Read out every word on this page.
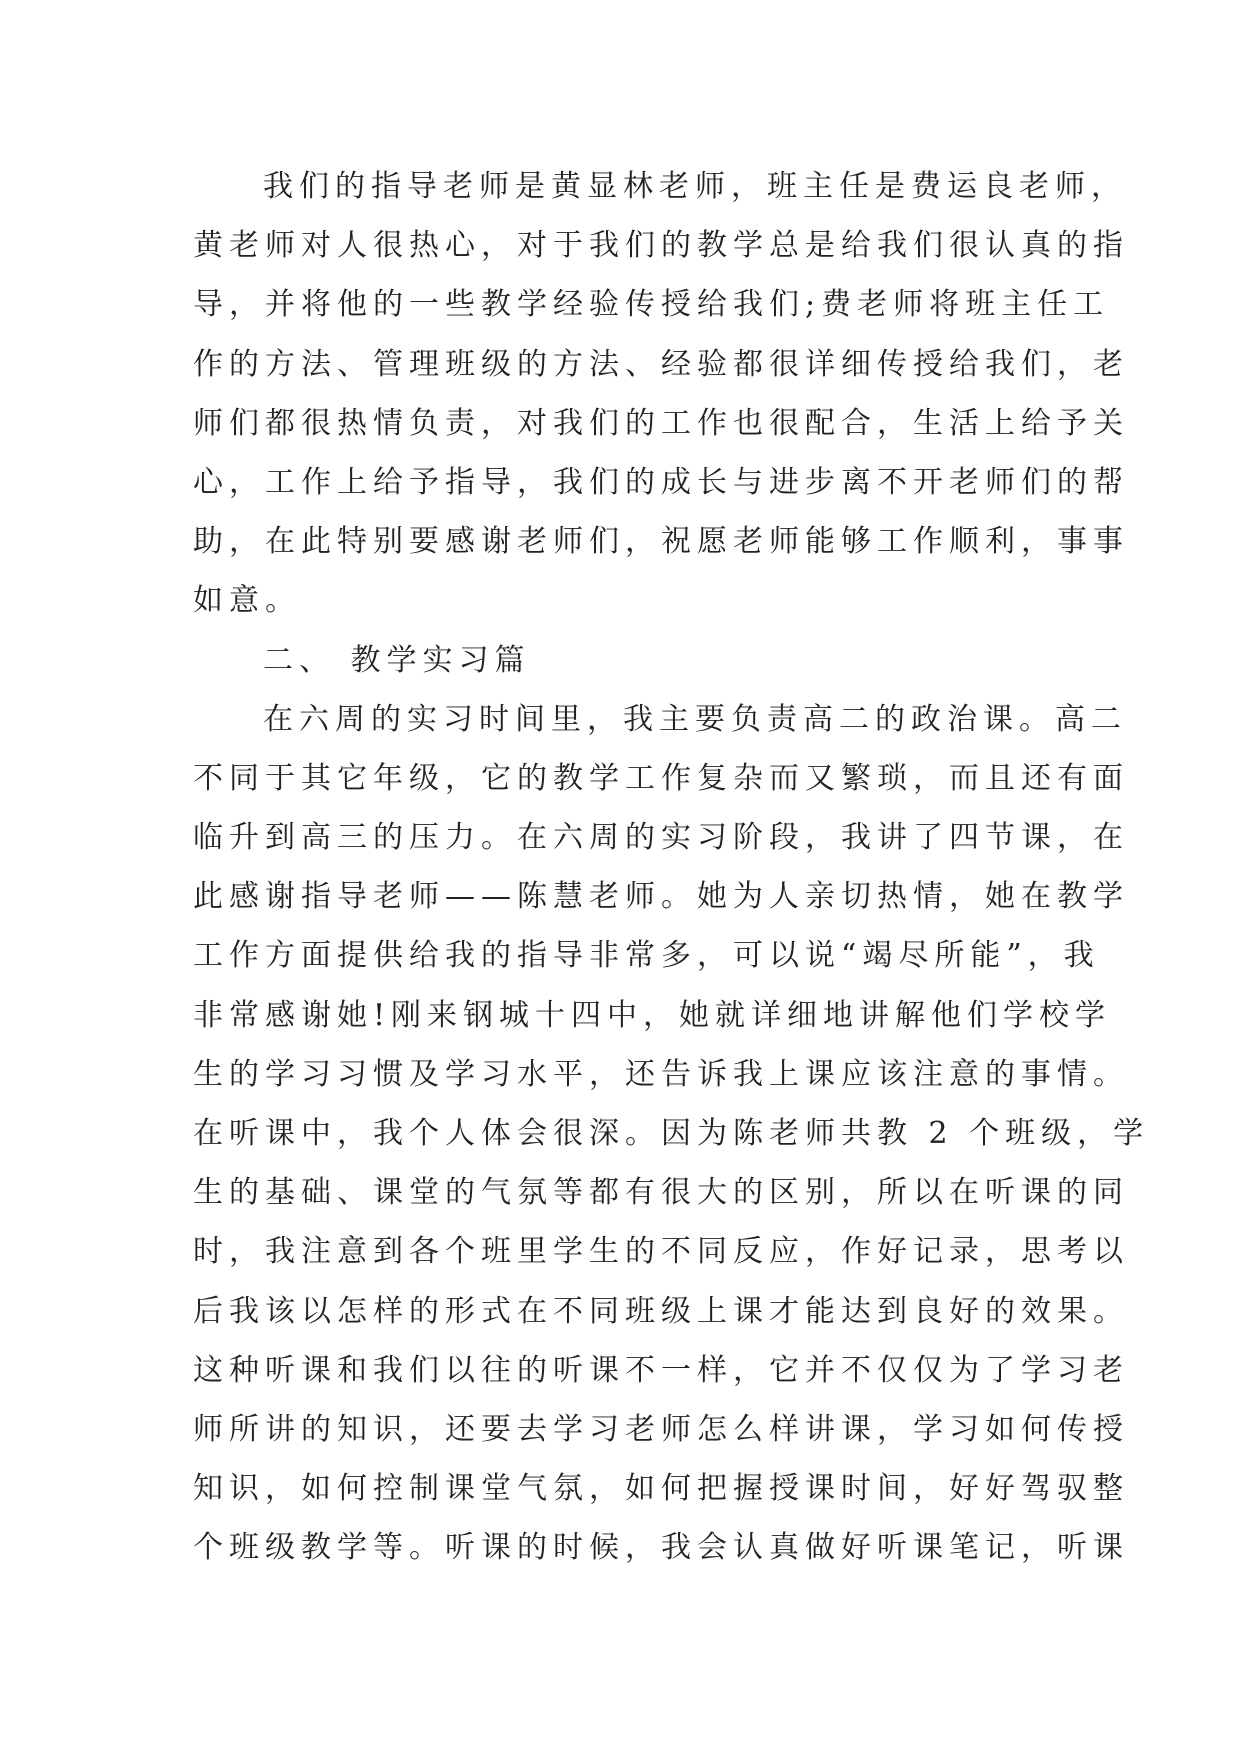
我们的指导老师是黄显林老师，班主任是费运良老师，
黄老师对人很热心，对于我们的教学总是给我们很认真的指
导，并将他的一些教学经验传授给我们;费老师将班主任工
作的方法、管理班级的方法、经验都很详细传授给我们，老
师们都很热情负责，对我们的工作也很配合，生活上给予关
心，工作上给予指导，我们的成长与进步离不开老师们的帮
助，在此特别要感谢老师们，祝愿老师能够工作顺利，事事
如意。
二、 教学实习篇
在六周的实习时间里，我主要负责高二的政治课。高二
不同于其它年级，它的教学工作复杂而又繁琐，而且还有面
临升到高三的压力。在六周的实习阶段，我讲了四节课，在
此感谢指导老师——陈慧老师。她为人亲切热情，她在教学
工作方面提供给我的指导非常多，可以说“竭尽所能”，我
非常感谢她!刚来钢城十四中，她就详细地讲解他们学校学
生的学习习惯及学习水平，还告诉我上课应该注意的事情。
在听课中，我个人体会很深。因为陈老师共教 2 个班级，学
生的基础、课堂的气氛等都有很大的区别，所以在听课的同
时，我注意到各个班里学生的不同反应，作好记录，思考以
后我该以怎样的形式在不同班级上课才能达到良好的效果。
这种听课和我们以往的听课不一样，它并不仅仅为了学习老
师所讲的知识，还要去学习老师怎么样讲课，学习如何传授
知识，如何控制课堂气氛，如何把握授课时间，好好驾驭整
个班级教学等。听课的时候，我会认真做好听课笔记，听课
